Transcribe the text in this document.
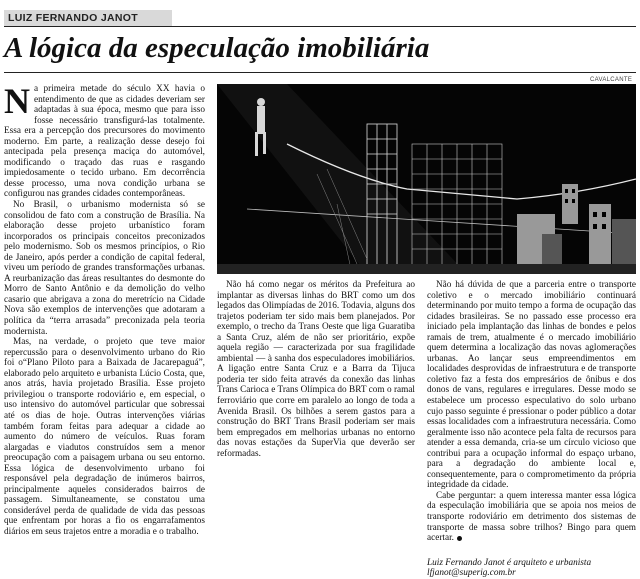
LUIZ FERNANDO JANOT
A lógica da especulação imobiliária
CAVALCANTE

Na primeira metade do século XX havia o entendimento de que as cidades deveriam ser adaptadas à sua época, mesmo que para isso fosse necessário transfigurá-las totalmente. Essa era a percepção dos precursores do movimento moderno. Em parte, a realização desse desejo foi antecipada pela presença maciça do automóvel, modificando o traçado das ruas e rasgando impiedosamente o tecido urbano. Em decorrência desse processo, uma nova condição urbana se configurou nas grandes cidades contemporâneas.

No Brasil, o urbanismo modernista só se consolidou de fato com a construção de Brasília. Na elaboração desse projeto urbanístico foram incorporados os principais conceitos preconizados pelo modernismo. Sob os mesmos princípios, o Rio de Janeiro, após perder a condição de capital federal, viveu um período de grandes transformações urbanas. A reurbanização das áreas resultantes do desmonte do Morro de Santo Antônio e da demolição do velho casario que abrigava a zona do meretrício na Cidade Nova são exemplos de intervenções que adotaram a política da “terra arrasada” preconizada pela teoria modernista.

Mas, na verdade, o projeto que teve maior repercussão para o desenvolvimento urbano do Rio foi o“Plano Piloto para a Baixada de Jacarepaguá”, elaborado pelo arquiteto e urbanista Lúcio Costa, que, anos atrás, havia projetado Brasília. Esse projeto privilegiou o transporte rodoviário e, em especial, o uso intensivo do automóvel particular que sobressai até os dias de hoje. Outras intervenções viárias também foram feitas para adequar a cidade ao aumento do número de veículos. Ruas foram alargadas e viadutos construídos sem a menor preocupação com a paisagem urbana ou seu entorno. Essa lógica de desenvolvimento urbano foi responsável pela degradação de inúmeros bairros, principalmente aqueles considerados bairros de passagem. Simultaneamente, se constatou uma considerável perda de qualidade de vida das pessoas que enfrentam por horas a fio os engarrafamentos diários em seus trajetos entre a moradia e o trabalho.

Não há como negar os méritos da Prefeitura ao implantar as diversas linhas do BRT como um dos legados das Olimpíadas de 2016. Todavia, alguns dos trajetos poderiam ter sido mais bem planejados. Por exemplo, o trecho da Trans Oeste que liga Guaratiba a Santa Cruz, além de não ser prioritário, expõe aquela região — caracterizada por sua fragilidade ambiental — à sanha dos especuladores imobiliários. A ligação entre Santa Cruz e a Barra da Tijuca poderia ter sido feita através da conexão das linhas Trans Carioca e Trans Olímpica do BRT com o ramal ferroviário que corre em paralelo ao longo de toda a Avenida Brasil. Os bilhões a serem gastos para a construção do BRT Trans Brasil poderiam ser mais bem empregados em melhorias urbanas no entorno das novas estações da SuperVia que deverão ser reformadas.

Não há dúvida de que a parceria entre o transporte coletivo e o mercado imobiliário continuará determinando por muito tempo a forma de ocupação das cidades brasileiras. Se no passado esse processo era iniciado pela implantação das linhas de bondes e pelos ramais de trem, atualmente é o mercado imobiliário quem determina a localização das novas aglomerações urbanas. Ao lançar seus empreendimentos em localidades desprovidas de infraestrutura e de transporte coletivo faz a festa dos empresários de ônibus e dos donos de vans, regulares e irregulares. Desse modo se estabelece um processo especulativo do solo urbano cujo passo seguinte é pressionar o poder público a dotar essas localidades com a infraestrutura necessária. Como geralmente isso não acontece pela falta de recursos para atender a essa demanda, cria-se um círculo vicioso que contribui para a ocupação informal do espaço urbano, para a degradação do ambiente local e, consequentemente, para o comprometimento da própria integridade da cidade.

Cabe perguntar: a quem interessa manter essa lógica da especulação imobiliária que se apoia nos meios de transporte rodoviário em detrimento dos sistemas de transporte de massa sobre trilhos? Bingo para quem acertar.

Luiz Fernando Janot é arquiteto e urbanista

lfjanot@superig.com.br
